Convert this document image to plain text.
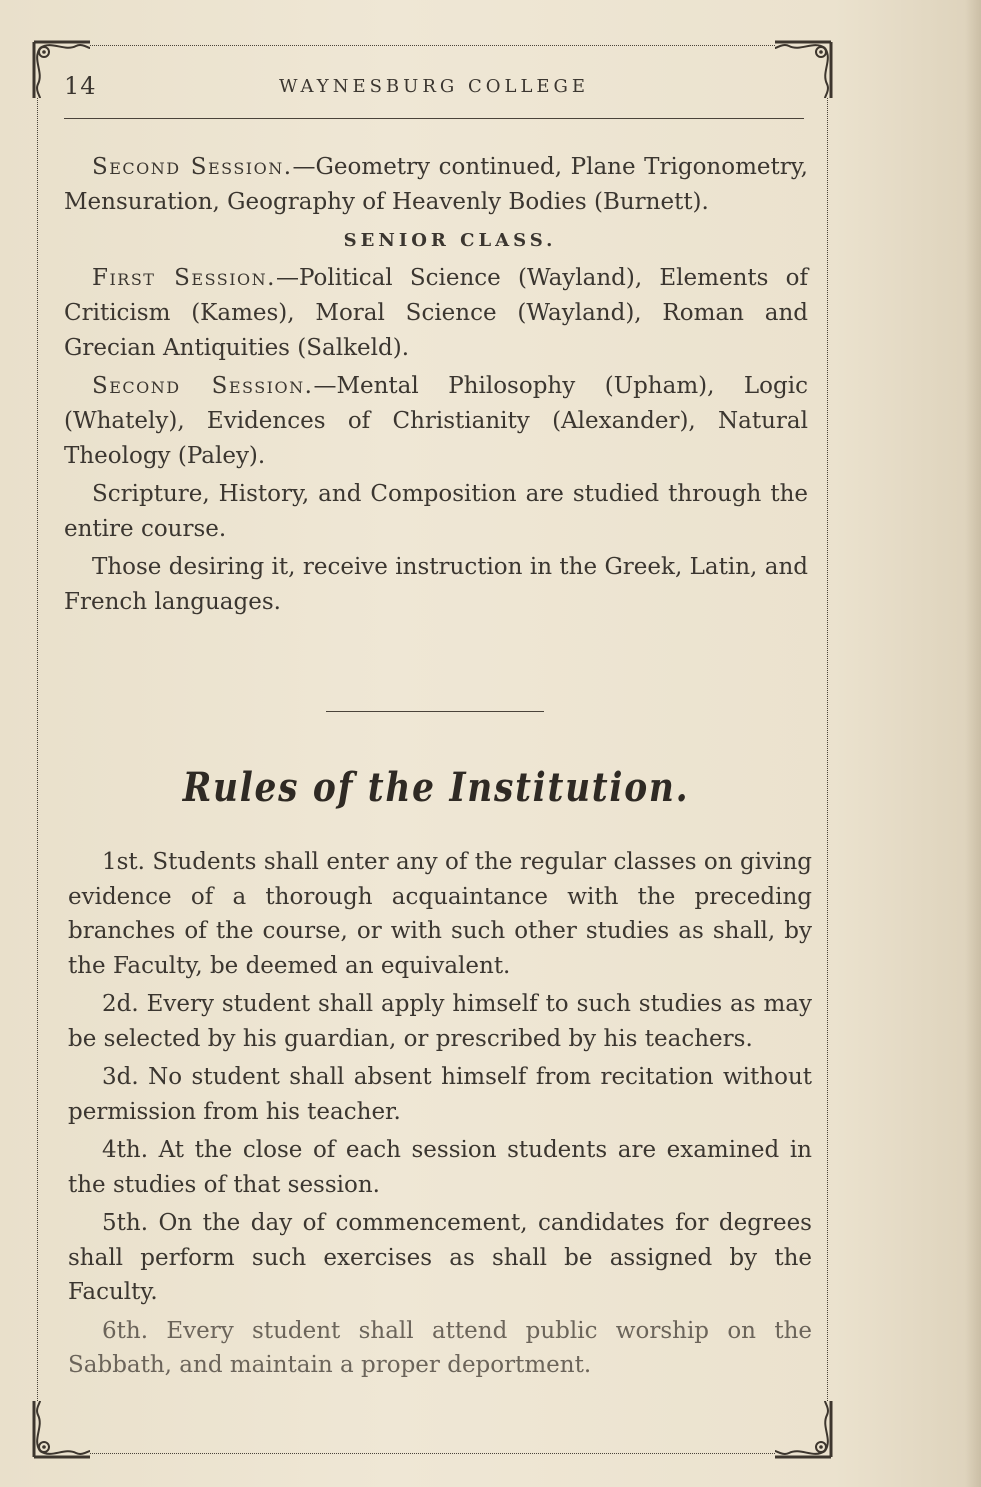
14	WAYNESBURG COLLEGE

Second Session.—Geometry continued, Plane Trigonometry, Mensuration, Geography of Heavenly Bodies (Burnett).

SENIOR CLASS.

First Session.—Political Science (Wayland), Elements of Criticism (Kames), Moral Science (Wayland), Roman and Grecian Antiquities (Salkeld).

Second Session.—Mental Philosophy (Upham), Logic (Whately), Evidences of Christianity (Alexander), Natural Theology (Paley).

Scripture, History, and Composition are studied through the entire course.

Those desiring it, receive instruction in the Greek, Latin, and French languages.

Rules of the Institution.

1st. Students shall enter any of the regular classes on giving evidence of a thorough acquaintance with the preceding branches of the course, or with such other studies as shall, by the Faculty, be deemed an equivalent.

2d. Every student shall apply himself to such studies as may be selected by his guardian, or prescribed by his teachers.

3d. No student shall absent himself from recitation without permission from his teacher.

4th. At the close of each session students are examined in the studies of that session.

5th. On the day of commencement, candidates for degrees shall perform such exercises as shall be assigned by the Faculty.

6th. Every student shall attend public worship on the Sabbath, and maintain a proper deportment.
